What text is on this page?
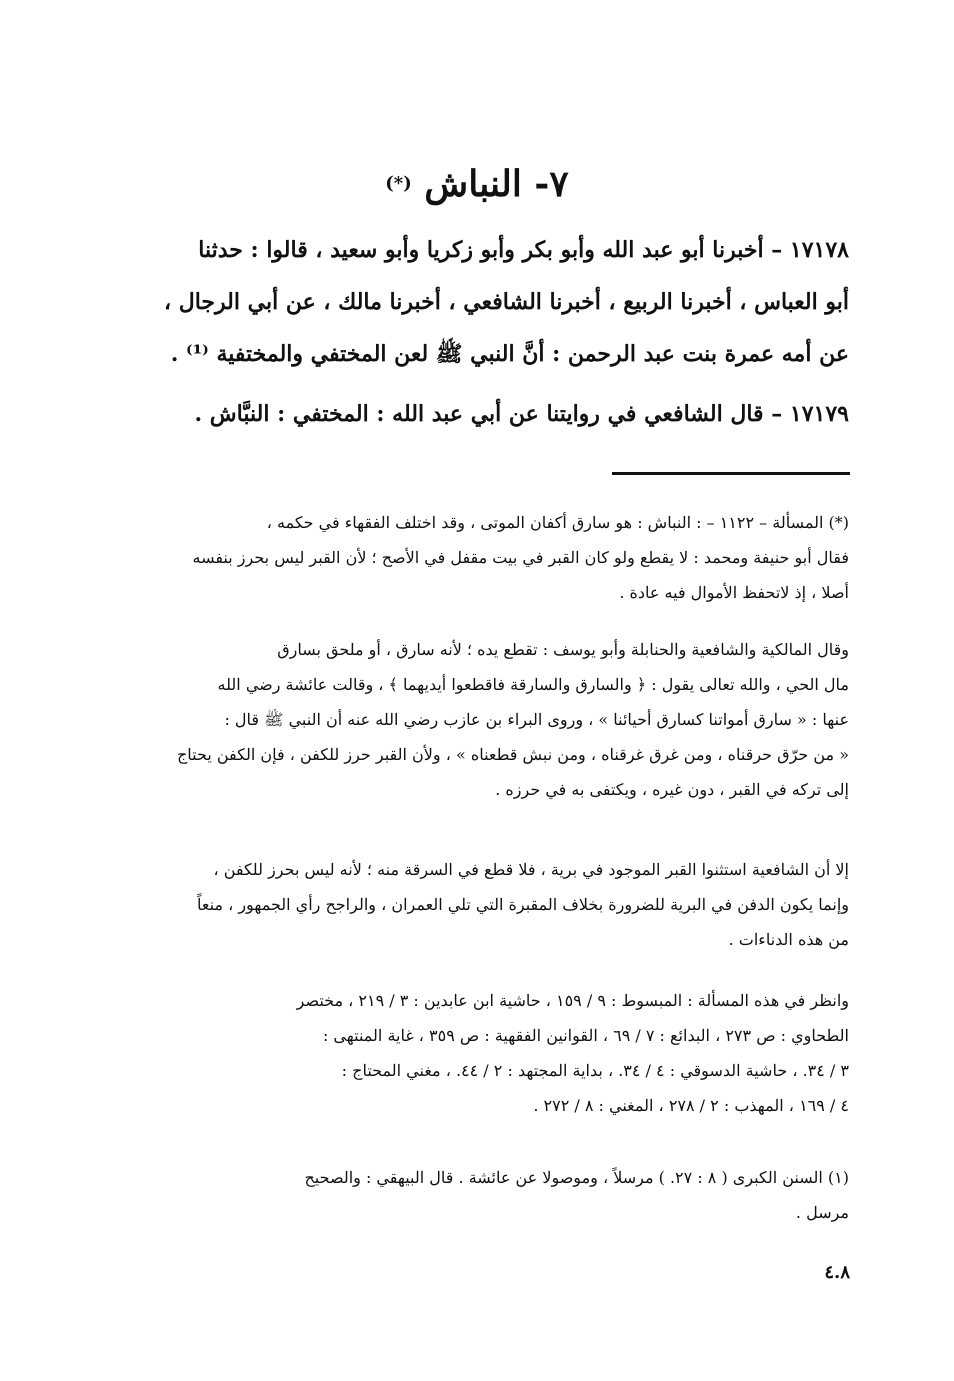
٧- النباش (*)
١٧١٧٨ – أخبرنا أبو عبد الله وأبو بكر وأبو زكريا وأبو سعيد ، قالوا : حدثنا
أبو العباس ، أخبرنا الربيع ، أخبرنا الشافعي ، أخبرنا مالك ، عن أبي الرجال ،
عن أمه عمرة بنت عبد الرحمن : أنَّ النبي ﷺ لعن المختفي والمختفية ⁽¹⁾ .
١٧١٧٩ – قال الشافعي في روايتنا عن أبي عبد الله : المختفي : النبَّاش .
(*) المسألة – ١١٢٢ – : النباش : هو سارق أكفان الموتى ، وقد اختلف الفقهاء في حكمه ،
فقال أبو حنيفة ومحمد : لا يقطع ولو كان القبر في بيت مقفل في الأصح ؛ لأن القبر ليس بحرز بنفسه
أصلا ، إذ لاتحفظ الأموال فيه عادة .
وقال المالكية والشافعية والحنابلة وأبو يوسف : تقطع يده ؛ لأنه سارق ، أو ملحق بسارق
مال الحي ، والله تعالى يقول : ﴿ والسارق والسارقة فاقطعوا أيديهما ﴾ ، وقالت عائشة رضي الله
عنها : « سارق أمواتنا كسارق أحيائنا » ، وروى البراء بن عازب رضي الله عنه أن النبي ﷺ قال :
« من حرّق حرقناه ، ومن غرق غرقناه ، ومن نبش قطعناه » ، ولأن القبر حرز للكفن ، فإن الكفن يحتاج
إلى تركه في القبر ، دون غيره ، ويكتفى به في حرزه .
إلا أن الشافعية استثنوا القبر الموجود في برية ، فلا قطع في السرقة منه ؛ لأنه ليس بحرز للكفن ،
وإنما يكون الدفن في البرية للضرورة بخلاف المقبرة التي تلي العمران ، والراجح رأي الجمهور ، منعاً
من هذه الدناءات .
وانظر في هذه المسألة : المبسوط : ٩ / ١٥٩ ، حاشية ابن عابدين : ٣ / ٢١٩ ، مختصر
الطحاوي : ص ٢٧٣ ، البدائع : ٧ / ٦٩ ، القوانين الفقهية : ص ٣٥٩ ، غاية المنتهى :
٣ / ٣٤. ، حاشية الدسوقي : ٤ / ٣٤. ، بداية المجتهد : ٢ / ٤٤. ، مغني المحتاج :
٤ / ١٦٩ ، المهذب : ٢ / ٢٧٨ ، المغني : ٨ / ٢٧٢ .
(١) السنن الكبرى ( ٨ : ٢٧. ) مرسلاً ، وموصولا عن عائشة . قال البيهقي : والصحيح
مرسل .
٤.٨
